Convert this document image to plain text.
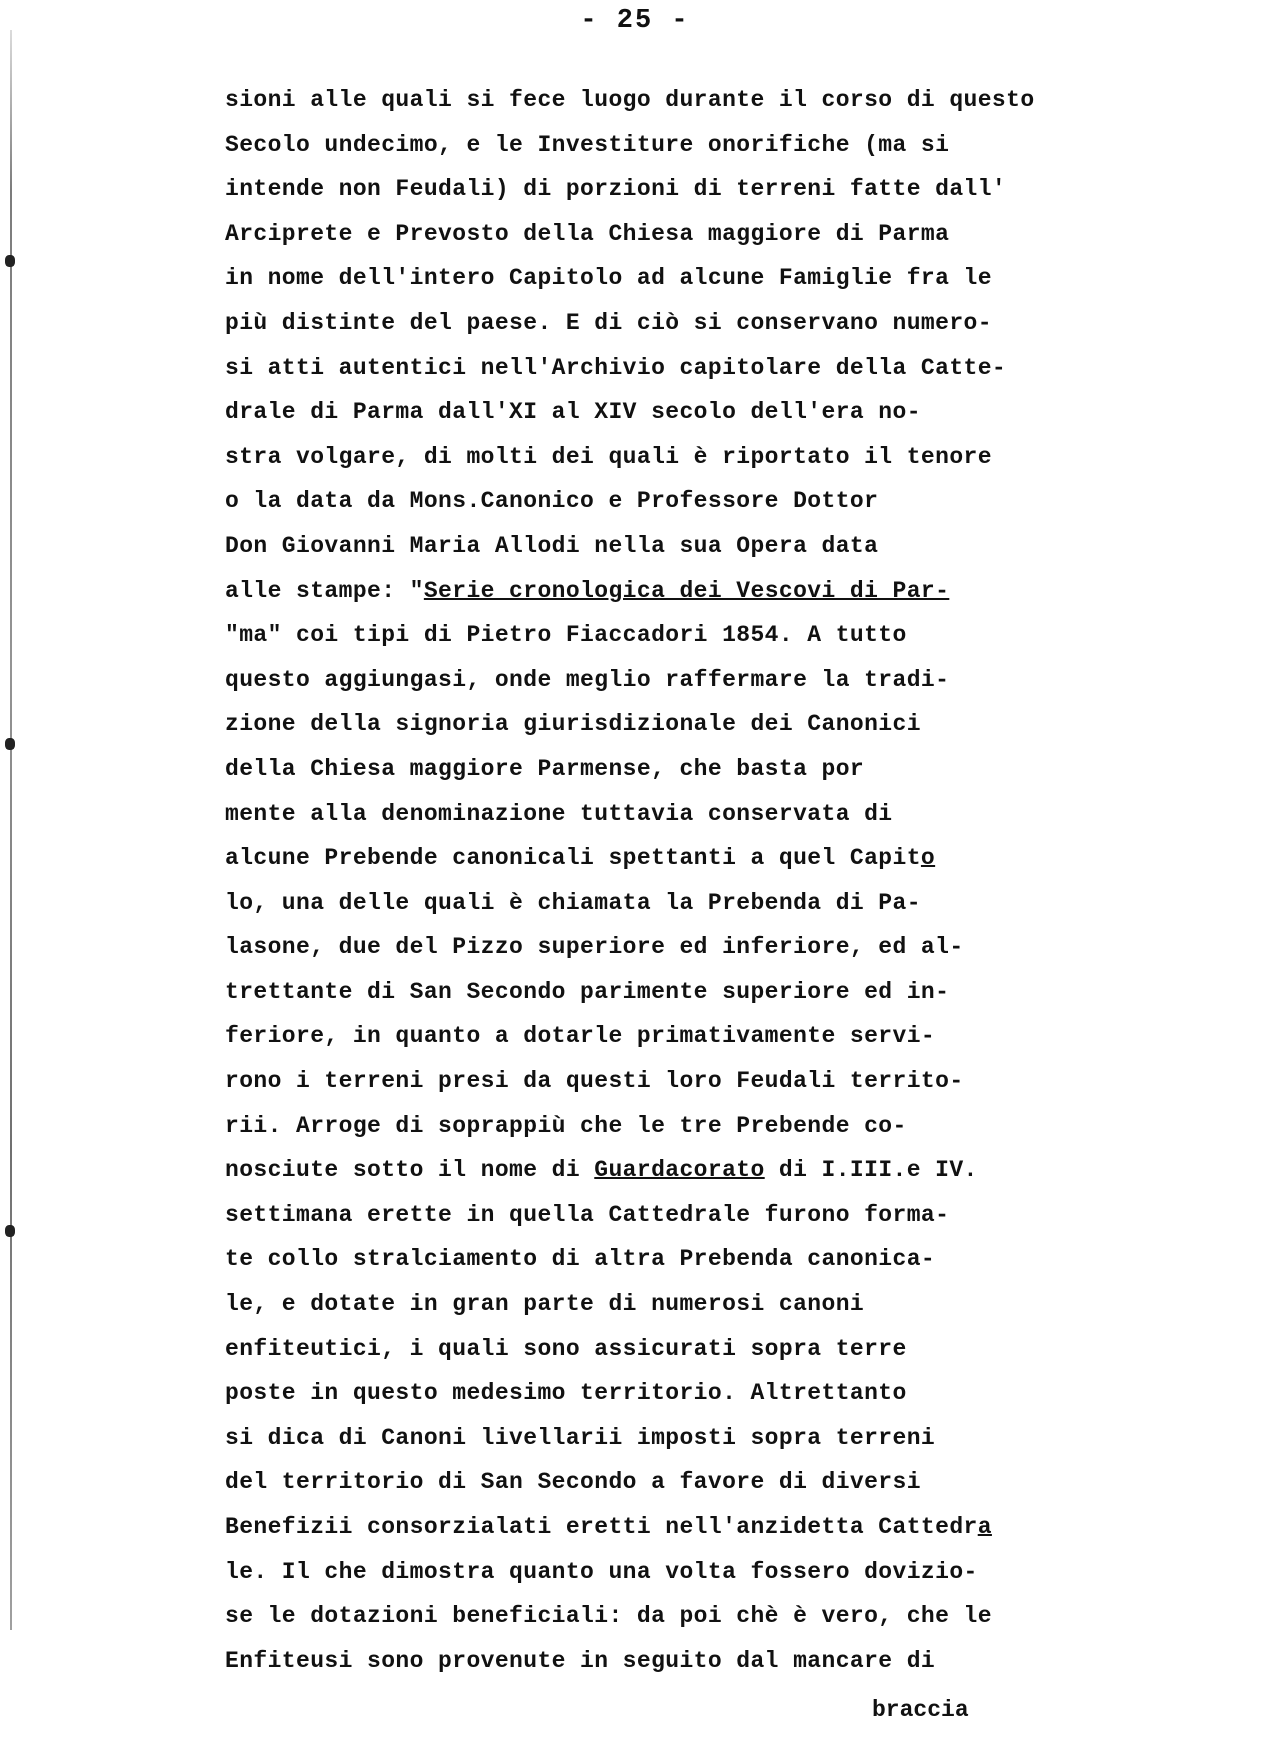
- 25 -
sioni alle quali si fece luogo durante il corso di questo
Secolo undecimo, e le Investiture onorifiche (ma si
intende non Feudali) di porzioni di terreni fatte dall'
Arciprete e Prevosto della Chiesa maggiore di Parma
in nome dell'intero Capitolo ad alcune Famiglie fra le
più distinte del paese. E di ciò si conservano numero-
si atti autentici nell'Archivio capitolare della Catte-
drale di Parma dall'XI al XIV secolo dell'era no-
stra volgare, di molti dei quali è riportato il tenore
o la data da Mons.Canonico e Professore Dottor
Don Giovanni Maria Allodi nella sua Opera data
alle stampe: "Serie cronologica dei Vescovi di Par-
"ma" coi tipi di Pietro Fiaccadori 1854. A tutto
questo aggiungasi, onde meglio raffermare la tradi-
zione della signoria giurisdizionale dei Canonici
della Chiesa maggiore Parmense, che basta por
mente alla denominazione tuttavia conservata di
alcune Prebende canonicali spettanti a quel Capito
lo, una delle quali è chiamata la Prebenda di Pa-
lasone, due del Pizzo superiore ed inferiore, ed al-
trettante di San Secondo parimente superiore ed in-
feriore, in quanto a dotarle primativamente servi-
rono i terreni presi da questi loro Feudali territo-
rii. Arroge di soprappiù che le tre Prebende co-
nosciute sotto il nome di Guardacorato di I.III.e IV.
settimana erette in quella Cattedrale furono forma-
te collo stralciamento di altra Prebenda canonica-
le, e dotate in gran parte di numerosi canoni
enfiteutici, i quali sono assicurati sopra terre
poste in questo medesimo territorio. Altrettanto
si dica di Canoni livellarii imposti sopra terreni
del territorio di San Secondo a favore di diversi
Benefizii consorzialati eretti nell'anzidetta Cattedra
le. Il che dimostra quanto una volta fossero dovizio-
se le dotazioni beneficiali: da poi chè è vero, che le
Enfiteusi sono provenute in seguito dal mancare di
braccia
